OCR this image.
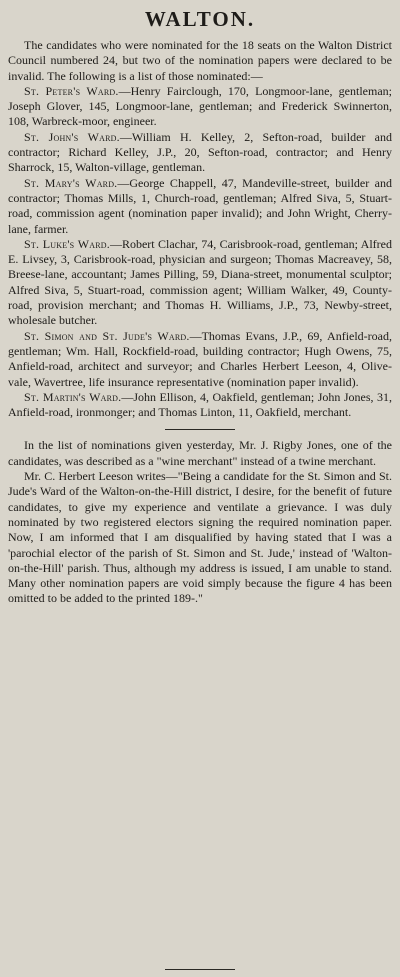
WALTON.

The candidates who were nominated for the 18 seats on the Walton District Council numbered 24, but two of the nomination papers were declared to be invalid. The following is a list of those nominated:—

St. Peter's Ward.—Henry Fairclough, 170, Longmoor-lane, gentleman; Joseph Glover, 145, Longmoor-lane, gentleman; and Frederick Swinnerton, 108, Warbreck-moor, engineer.

St. John's Ward.—William H. Kelley, 2, Sefton-road, builder and contractor; Richard Kelley, J.P., 20, Sefton-road, contractor; and Henry Sharrock, 15, Walton-village, gentleman.

St. Mary's Ward.—George Chappell, 47, Mandeville-street, builder and contractor; Thomas Mills, 1, Church-road, gentleman; Alfred Siva, 5, Stuart-road, commission agent (nomination paper invalid); and John Wright, Cherry-lane, farmer.

St. Luke's Ward.—Robert Clachar, 74, Carisbrook-road, gentleman; Alfred E. Livsey, 3, Carisbrook-road, physician and surgeon; Thomas Macreavey, 58, Breese-lane, accountant; James Pilling, 59, Diana-street, monumental sculptor; Alfred Siva, 5, Stuart-road, commission agent; William Walker, 49, County-road, provision merchant; and Thomas H. Williams, J.P., 73, Newby-street, wholesale butcher.

St. Simon and St. Jude's Ward.—Thomas Evans, J.P., 69, Anfield-road, gentleman; Wm. Hall, Rockfield-road, building contractor; Hugh Owens, 75, Anfield-road, architect and surveyor; and Charles Herbert Leeson, 4, Olive-vale, Wavertree, life insurance representative (nomination paper invalid).

St. Martin's Ward.—John Ellison, 4, Oakfield, gentleman; John Jones, 31, Anfield-road, ironmonger; and Thomas Linton, 11, Oakfield, merchant.

In the list of nominations given yesterday, Mr. J. Rigby Jones, one of the candidates, was described as a "wine merchant" instead of a twine merchant.

Mr. C. Herbert Leeson writes—"Being a candidate for the St. Simon and St. Jude's Ward of the Walton-on-the-Hill district, I desire, for the benefit of future candidates, to give my experience and ventilate a grievance. I was duly nominated by two registered electors signing the required nomination paper. Now, I am informed that I am disqualified by having stated that I was a 'parochial elector of the parish of St. Simon and St. Jude,' instead of 'Walton-on-the-Hill' parish. Thus, although my address is issued, I am unable to stand. Many other nomination papers are void simply because the figure 4 has been omitted to be added to the printed 189-."
